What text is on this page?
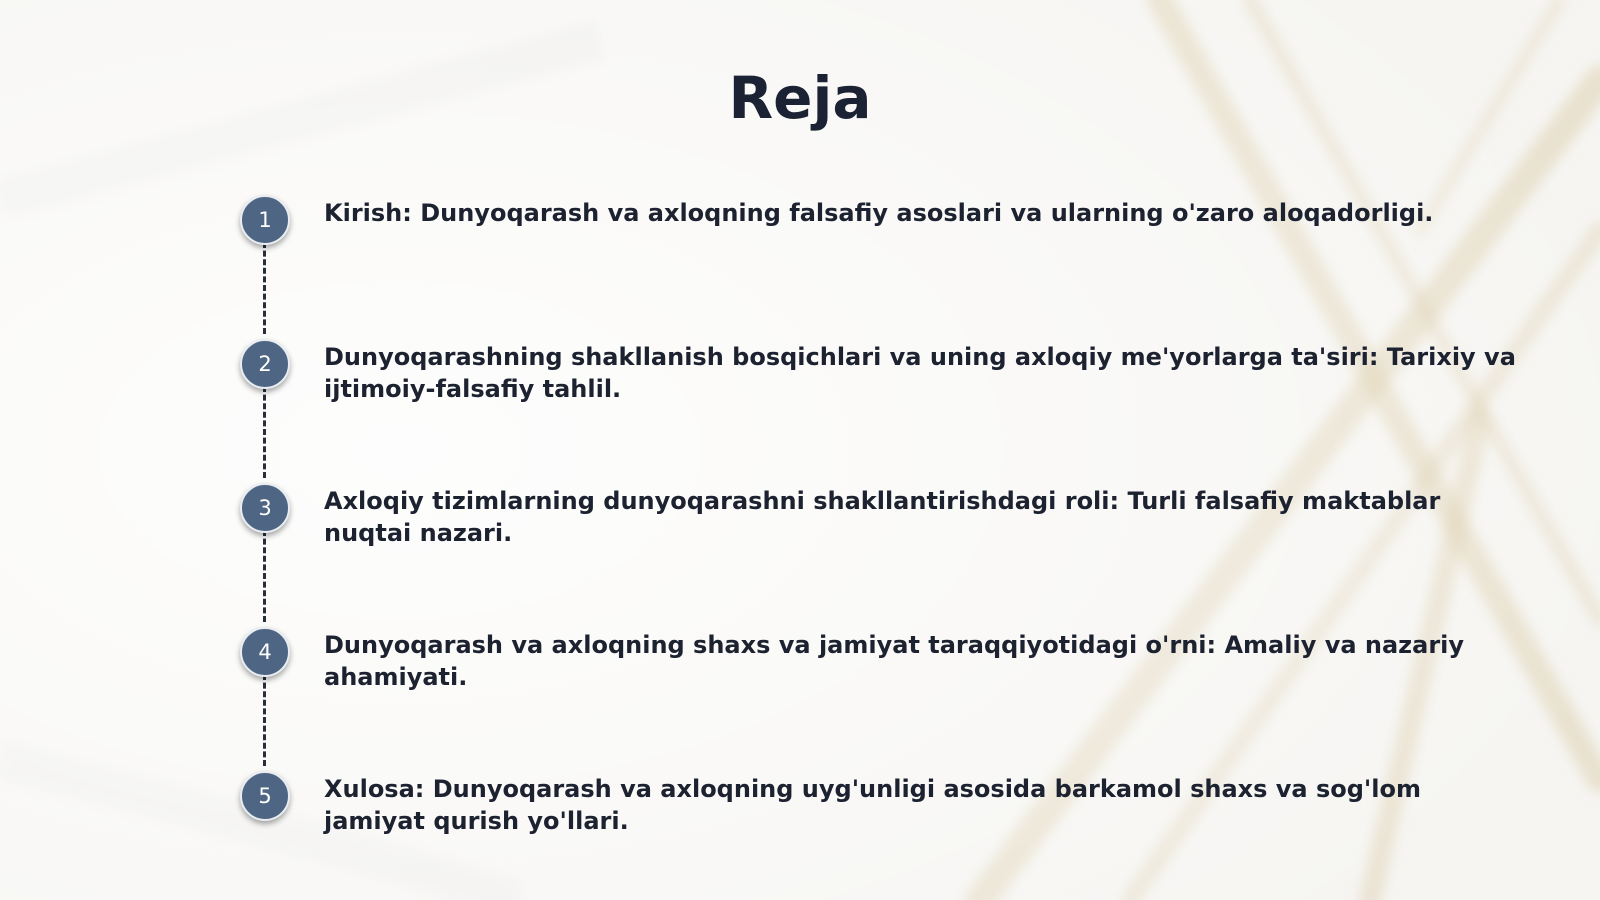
Reja
1	Kirish: Dunyoqarash va axloqning falsafiy asoslari va ularning o'zaro aloqadorligi.

2	Dunyoqarashning shakllanish bosqichlari va uning axloqiy me'yorlarga ta'siri: Tarixiy va ijtimoiy-falsafiy tahlil.

3	Axloqiy tizimlarning dunyoqarashni shakllantirishdagi roli: Turli falsafiy maktablar nuqtai nazari.

4	Dunyoqarash va axloqning shaxs va jamiyat taraqqiyotidagi o'rni: Amaliy va nazariy ahamiyati.

5	Xulosa: Dunyoqarash va axloqning uyg'unligi asosida barkamol shaxs va sog'lom jamiyat qurish yo'llari.
